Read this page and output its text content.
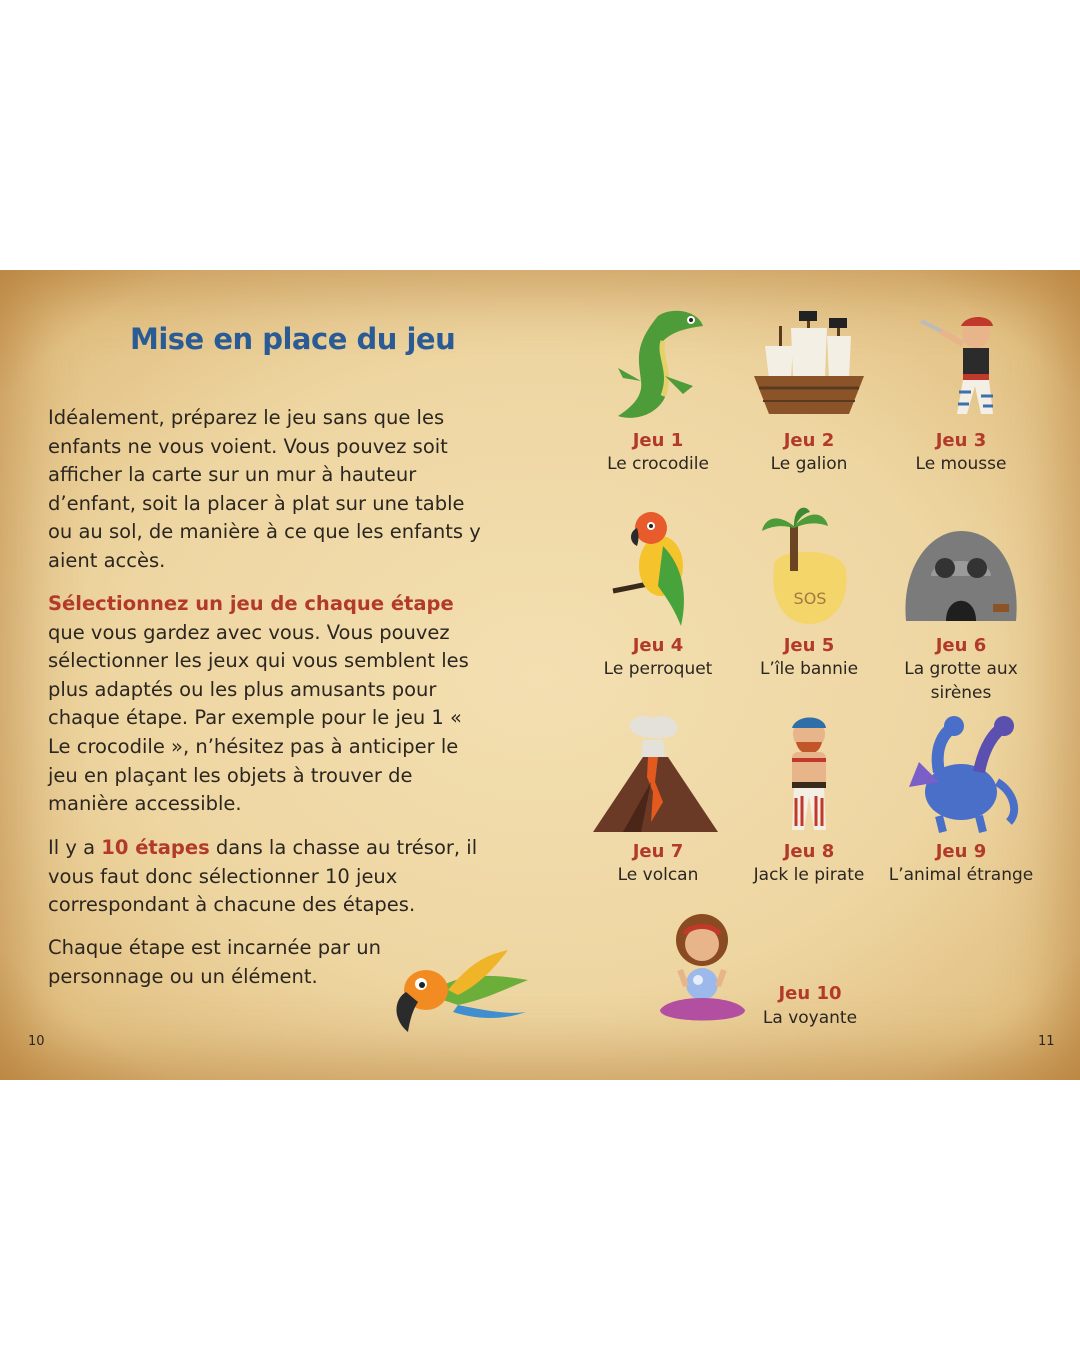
Mise en place du jeu

Idéalement, préparez le jeu sans que les enfants ne vous voient. Vous pouvez soit afficher la carte sur un mur à hauteur d’enfant, soit la placer à plat sur une table ou au sol, de manière à ce que les enfants y aient accès.

Sélectionnez un jeu de chaque étape que vous gardez avec vous. Vous pouvez sélectionner les jeux qui vous semblent les plus adaptés ou les plus amusants pour chaque étape. Par exemple pour le jeu 1 « Le crocodile », n’hésitez pas à anticiper le jeu en plaçant les objets à trouver de manière accessible.

Il y a 10 étapes dans la chasse au trésor, il vous faut donc sélectionner 10 jeux correspondant à chacune des étapes.

Chaque étape est incarnée par un personnage ou un élément.

10	11
Jeu 1
Le crocodile
Jeu 2
Le galion
Jeu 3
Le mousse
Jeu 4
Le perroquet
SOS
Jeu 5
L’île bannie
Jeu 6
La grotte aux sirènes
Jeu 7
Le volcan
Jeu 8
Jack le pirate
Jeu 9
L’animal étrange
Jeu 10
La voyante
